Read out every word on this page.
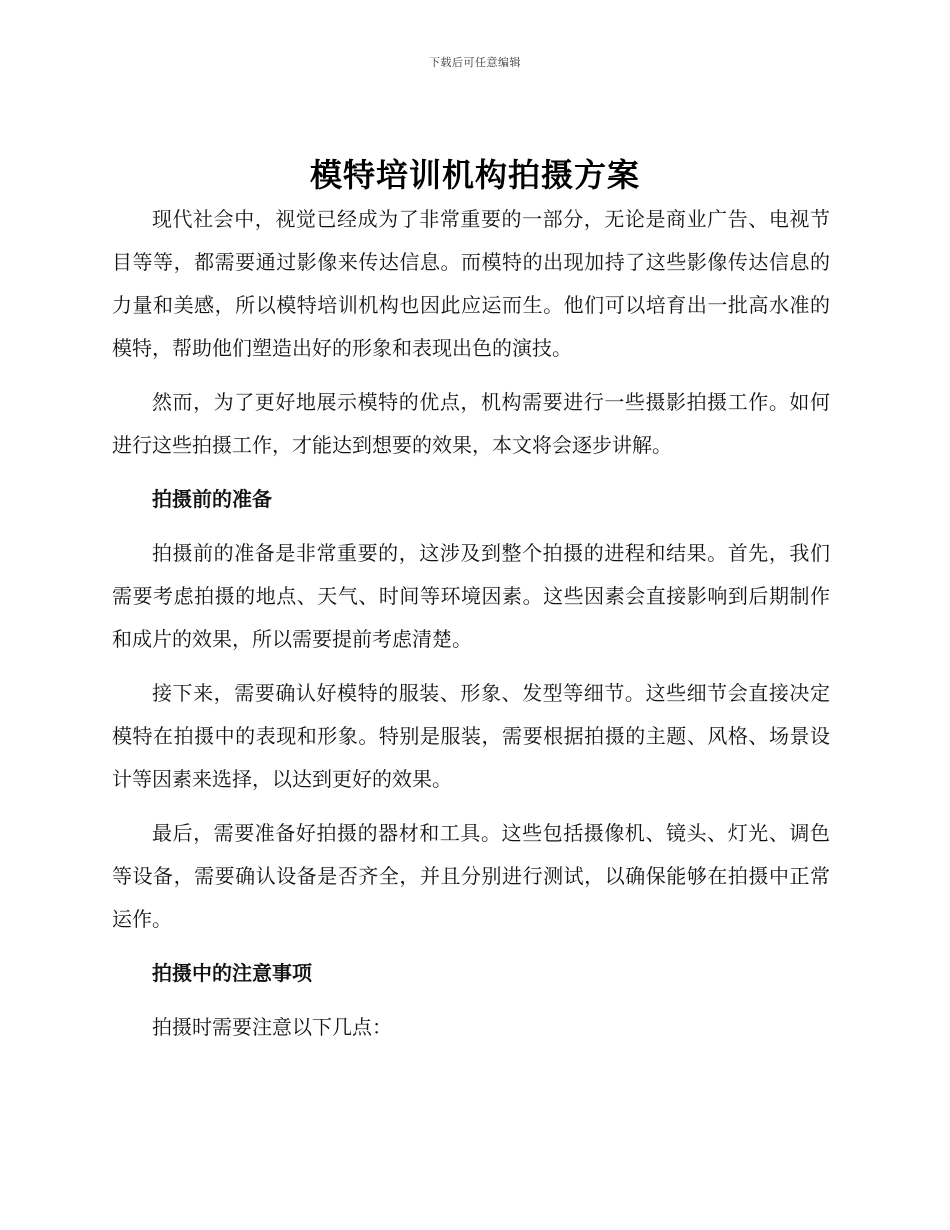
下载后可任意编辑
模特培训机构拍摄方案

现代社会中，视觉已经成为了非常重要的一部分，无论是商业广告、电视节目等等，都需要通过影像来传达信息。而模特的出现加持了这些影像传达信息的力量和美感，所以模特培训机构也因此应运而生。他们可以培育出一批高水准的模特，帮助他们塑造出好的形象和表现出色的演技。

然而，为了更好地展示模特的优点，机构需要进行一些摄影拍摄工作。如何进行这些拍摄工作，才能达到想要的效果，本文将会逐步讲解。

拍摄前的准备

拍摄前的准备是非常重要的，这涉及到整个拍摄的进程和结果。首先，我们需要考虑拍摄的地点、天气、时间等环境因素。这些因素会直接影响到后期制作和成片的效果，所以需要提前考虑清楚。

接下来，需要确认好模特的服装、形象、发型等细节。这些细节会直接决定模特在拍摄中的表现和形象。特别是服装，需要根据拍摄的主题、风格、场景设计等因素来选择，以达到更好的效果。

最后，需要准备好拍摄的器材和工具。这些包括摄像机、镜头、灯光、调色等设备，需要确认设备是否齐全，并且分别进行测试，以确保能够在拍摄中正常运作。

拍摄中的注意事项

拍摄时需要注意以下几点：
